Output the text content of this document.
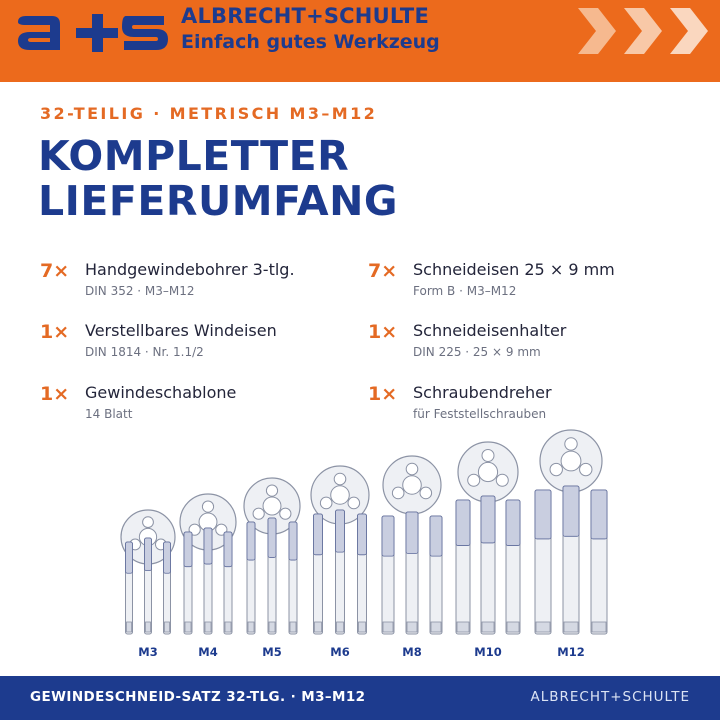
ALBRECHT+SCHULTE
Einfach gutes Werkzeug
32-TEILIG · METRISCH M3–M12
KOMPLETTER
LIEFERUMFANG
7× Handgewindebohrer 3-tlg.
DIN 352 · M3–M12
7× Schneideisen 25 × 9 mm
Form B · M3–M12
1× Verstellbares Windeisen
DIN 1814 · Nr. 1.1/2
1× Schneideisenhalter
DIN 225 · 25 × 9 mm
1× Gewindeschablone
14 Blatt
1× Schraubendreher
für Feststellschrauben
M3	M4	M5	M6	M8	M10	M12
GEWINDESCHNEID-SATZ 32-TLG. · M3–M12	ALBRECHT+SCHULTE
